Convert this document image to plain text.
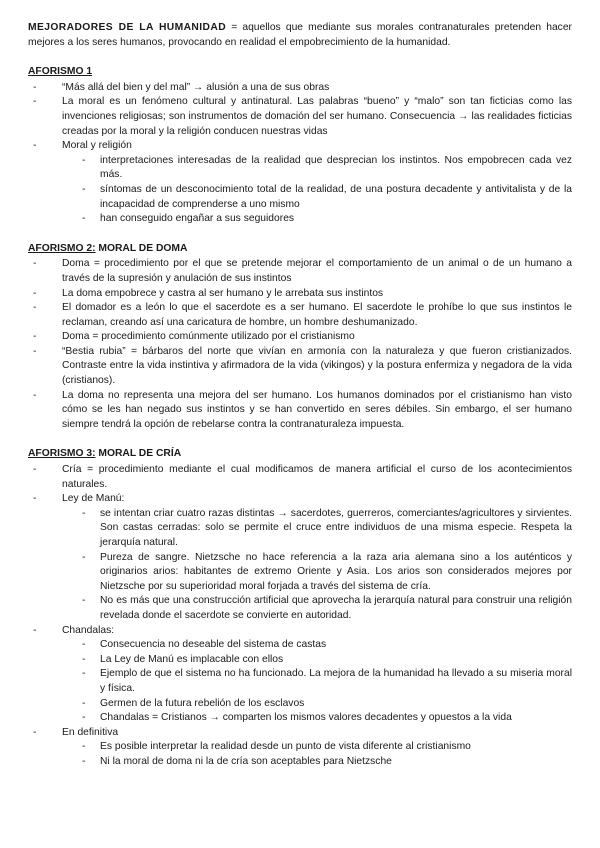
MEJORADORES DE LA HUMANIDAD = aquellos que mediante sus morales contranaturales pretenden hacer mejores a los seres humanos, provocando en realidad el empobrecimiento de la humanidad.

AFORISMO 1
- “Más allá del bien y del mal” → alusión a una de sus obras
- La moral es un fenómeno cultural y antinatural. Las palabras “bueno” y “malo” son tan ficticias como las invenciones religiosas; son instrumentos de domación del ser humano. Consecuencia → las realidades ficticias creadas por la moral y la religión conducen nuestras vidas
- Moral y religión
- interpretaciones interesadas de la realidad que desprecian los instintos. Nos empobrecen cada vez más.
- síntomas de un desconocimiento total de la realidad, de una postura decadente y antivitalista y de la incapacidad de comprenderse a uno mismo
- han conseguido engañar a sus seguidores
AFORISMO 2: MORAL DE DOMA
- Doma = procedimiento por el que se pretende mejorar el comportamiento de un animal o de un humano a través de la supresión y anulación de sus instintos
- La doma empobrece y castra al ser humano y le arrebata sus instintos
- El domador es a león lo que el sacerdote es a ser humano. El sacerdote le prohíbe lo que sus instintos le reclaman, creando así una caricatura de hombre, un hombre deshumanizado.
- Doma = procedimiento comúnmente utilizado por el cristianismo
- “Bestia rubia” = bárbaros del norte que vivían en armonía con la naturaleza y que fueron cristianizados. Contraste entre la vida instintiva y afirmadora de la vida (vikingos) y la postura enfermiza y negadora de la vida (cristianos).
- La doma no representa una mejora del ser humano. Los humanos dominados por el cristianismo han visto cómo se les han negado sus instintos y se han convertido en seres débiles. Sin embargo, el ser humano siempre tendrá la opción de rebelarse contra la contranaturaleza impuesta.
AFORISMO 3: MORAL DE CRÍA
- Cría = procedimiento mediante el cual modificamos de manera artificial el curso de los acontecimientos naturales.
- Ley de Manú:
- se intentan criar cuatro razas distintas → sacerdotes, guerreros, comerciantes/agricultores y sirvientes. Son castas cerradas: solo se permite el cruce entre individuos de una misma especie. Respeta la jerarquía natural.
- Pureza de sangre. Nietzsche no hace referencia a la raza aria alemana sino a los auténticos y originarios arios: habitantes de extremo Oriente y Asia. Los arios son considerados mejores por Nietzsche por su superioridad moral forjada a través del sistema de cría.
- No es más que una construcción artificial que aprovecha la jerarquía natural para construir una religión revelada donde el sacerdote se convierte en autoridad.
- Chandalas:
- Consecuencia no deseable del sistema de castas
- La Ley de Manú es implacable con ellos
- Ejemplo de que el sistema no ha funcionado. La mejora de la humanidad ha llevado a su miseria moral y física.
- Germen de la futura rebelión de los esclavos
- Chandalas = Cristianos → comparten los mismos valores decadentes y opuestos a la vida
- En definitiva
- Es posible interpretar la realidad desde un punto de vista diferente al cristianismo
- Ni la moral de doma ni la de cría son aceptables para Nietzsche
